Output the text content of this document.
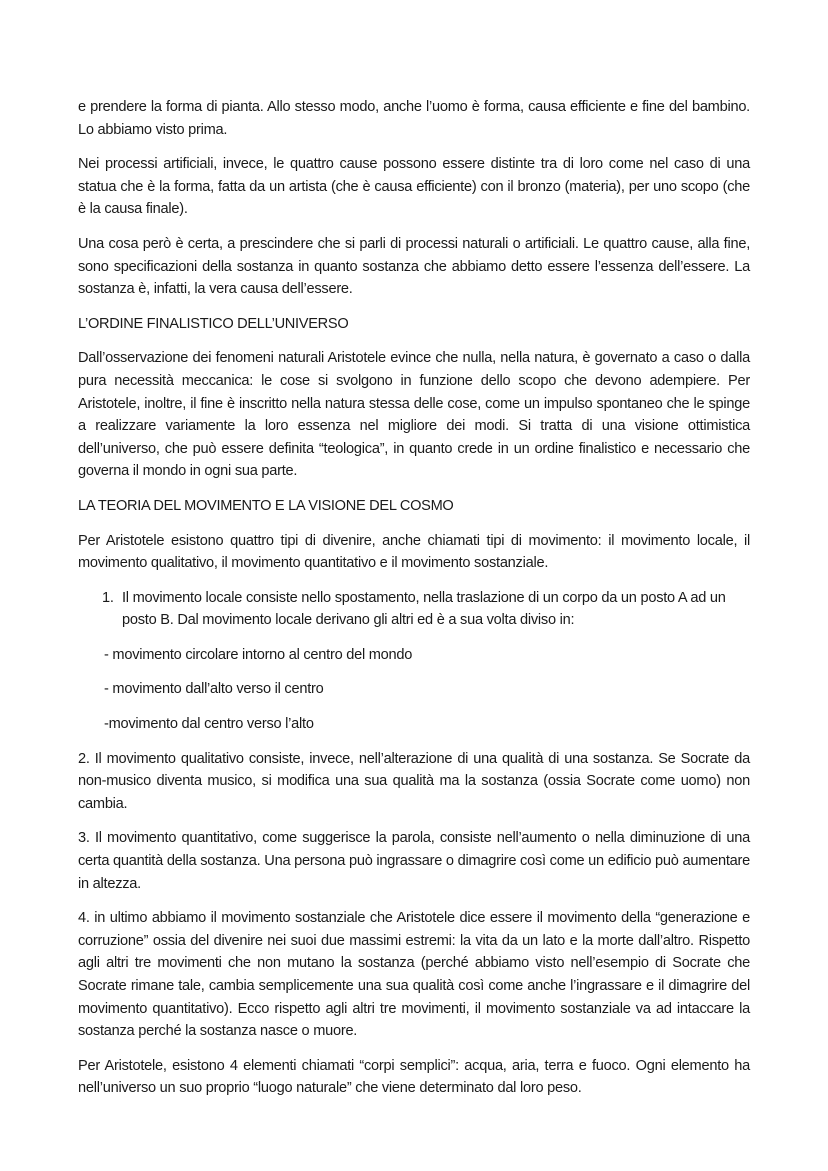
e prendere la forma di pianta. Allo stesso modo, anche l’uomo è forma, causa efficiente e fine del bambino. Lo abbiamo visto prima.

Nei processi artificiali, invece, le quattro cause possono essere distinte tra di loro come nel caso di una statua che è la forma, fatta da un artista (che è causa efficiente) con il bronzo (materia), per uno scopo (che è la causa finale).

Una cosa però è certa, a prescindere che si parli di processi naturali o artificiali. Le quattro cause, alla fine, sono specificazioni della sostanza in quanto sostanza che abbiamo detto essere l’essenza dell’essere. La sostanza è, infatti, la vera causa dell’essere.

L’ORDINE FINALISTICO DELL’UNIVERSO

Dall’osservazione dei fenomeni naturali Aristotele evince che nulla, nella natura, è governato a caso o dalla pura necessità meccanica: le cose si svolgono in funzione dello scopo che devono adempiere. Per Aristotele, inoltre, il fine è inscritto nella natura stessa delle cose, come un impulso spontaneo che le spinge a realizzare variamente la loro essenza nel migliore dei modi. Si tratta di una visione ottimistica dell’universo, che può essere definita “teologica”, in quanto crede in un ordine finalistico e necessario che governa il mondo in ogni sua parte.

LA TEORIA DEL MOVIMENTO E LA VISIONE DEL COSMO

Per Aristotele esistono quattro tipi di divenire, anche chiamati tipi di movimento: il movimento locale, il movimento qualitativo, il movimento quantitativo e il movimento sostanziale.

1. Il movimento locale consiste nello spostamento, nella traslazione di un corpo da un posto A ad un posto B. Dal movimento locale derivano gli altri ed è a sua volta diviso in:

- movimento circolare intorno al centro del mondo

- movimento dall’alto verso il centro

-movimento dal centro verso l’alto

2. Il movimento qualitativo consiste, invece, nell’alterazione di una qualità di una sostanza. Se Socrate da non-musico diventa musico, si modifica una sua qualità ma la sostanza (ossia Socrate come uomo) non cambia.

3. Il movimento quantitativo, come suggerisce la parola, consiste nell’aumento o nella diminuzione di una certa quantità della sostanza. Una persona può ingrassare o dimagrire così come un edificio può aumentare in altezza.

4. in ultimo abbiamo il movimento sostanziale che Aristotele dice essere il movimento della “generazione e corruzione” ossia del divenire nei suoi due massimi estremi: la vita da un lato e la morte dall’altro. Rispetto agli altri tre movimenti che non mutano la sostanza (perché abbiamo visto nell’esempio di Socrate che Socrate rimane tale, cambia semplicemente una sua qualità così come anche l’ingrassare e il dimagrire del movimento quantitativo). Ecco rispetto agli altri tre movimenti, il movimento sostanziale va ad intaccare la sostanza perché la sostanza nasce o muore.

Per Aristotele, esistono 4 elementi chiamati “corpi semplici”: acqua, aria, terra e fuoco. Ogni elemento ha nell’universo un suo proprio “luogo naturale” che viene determinato dal loro peso.
